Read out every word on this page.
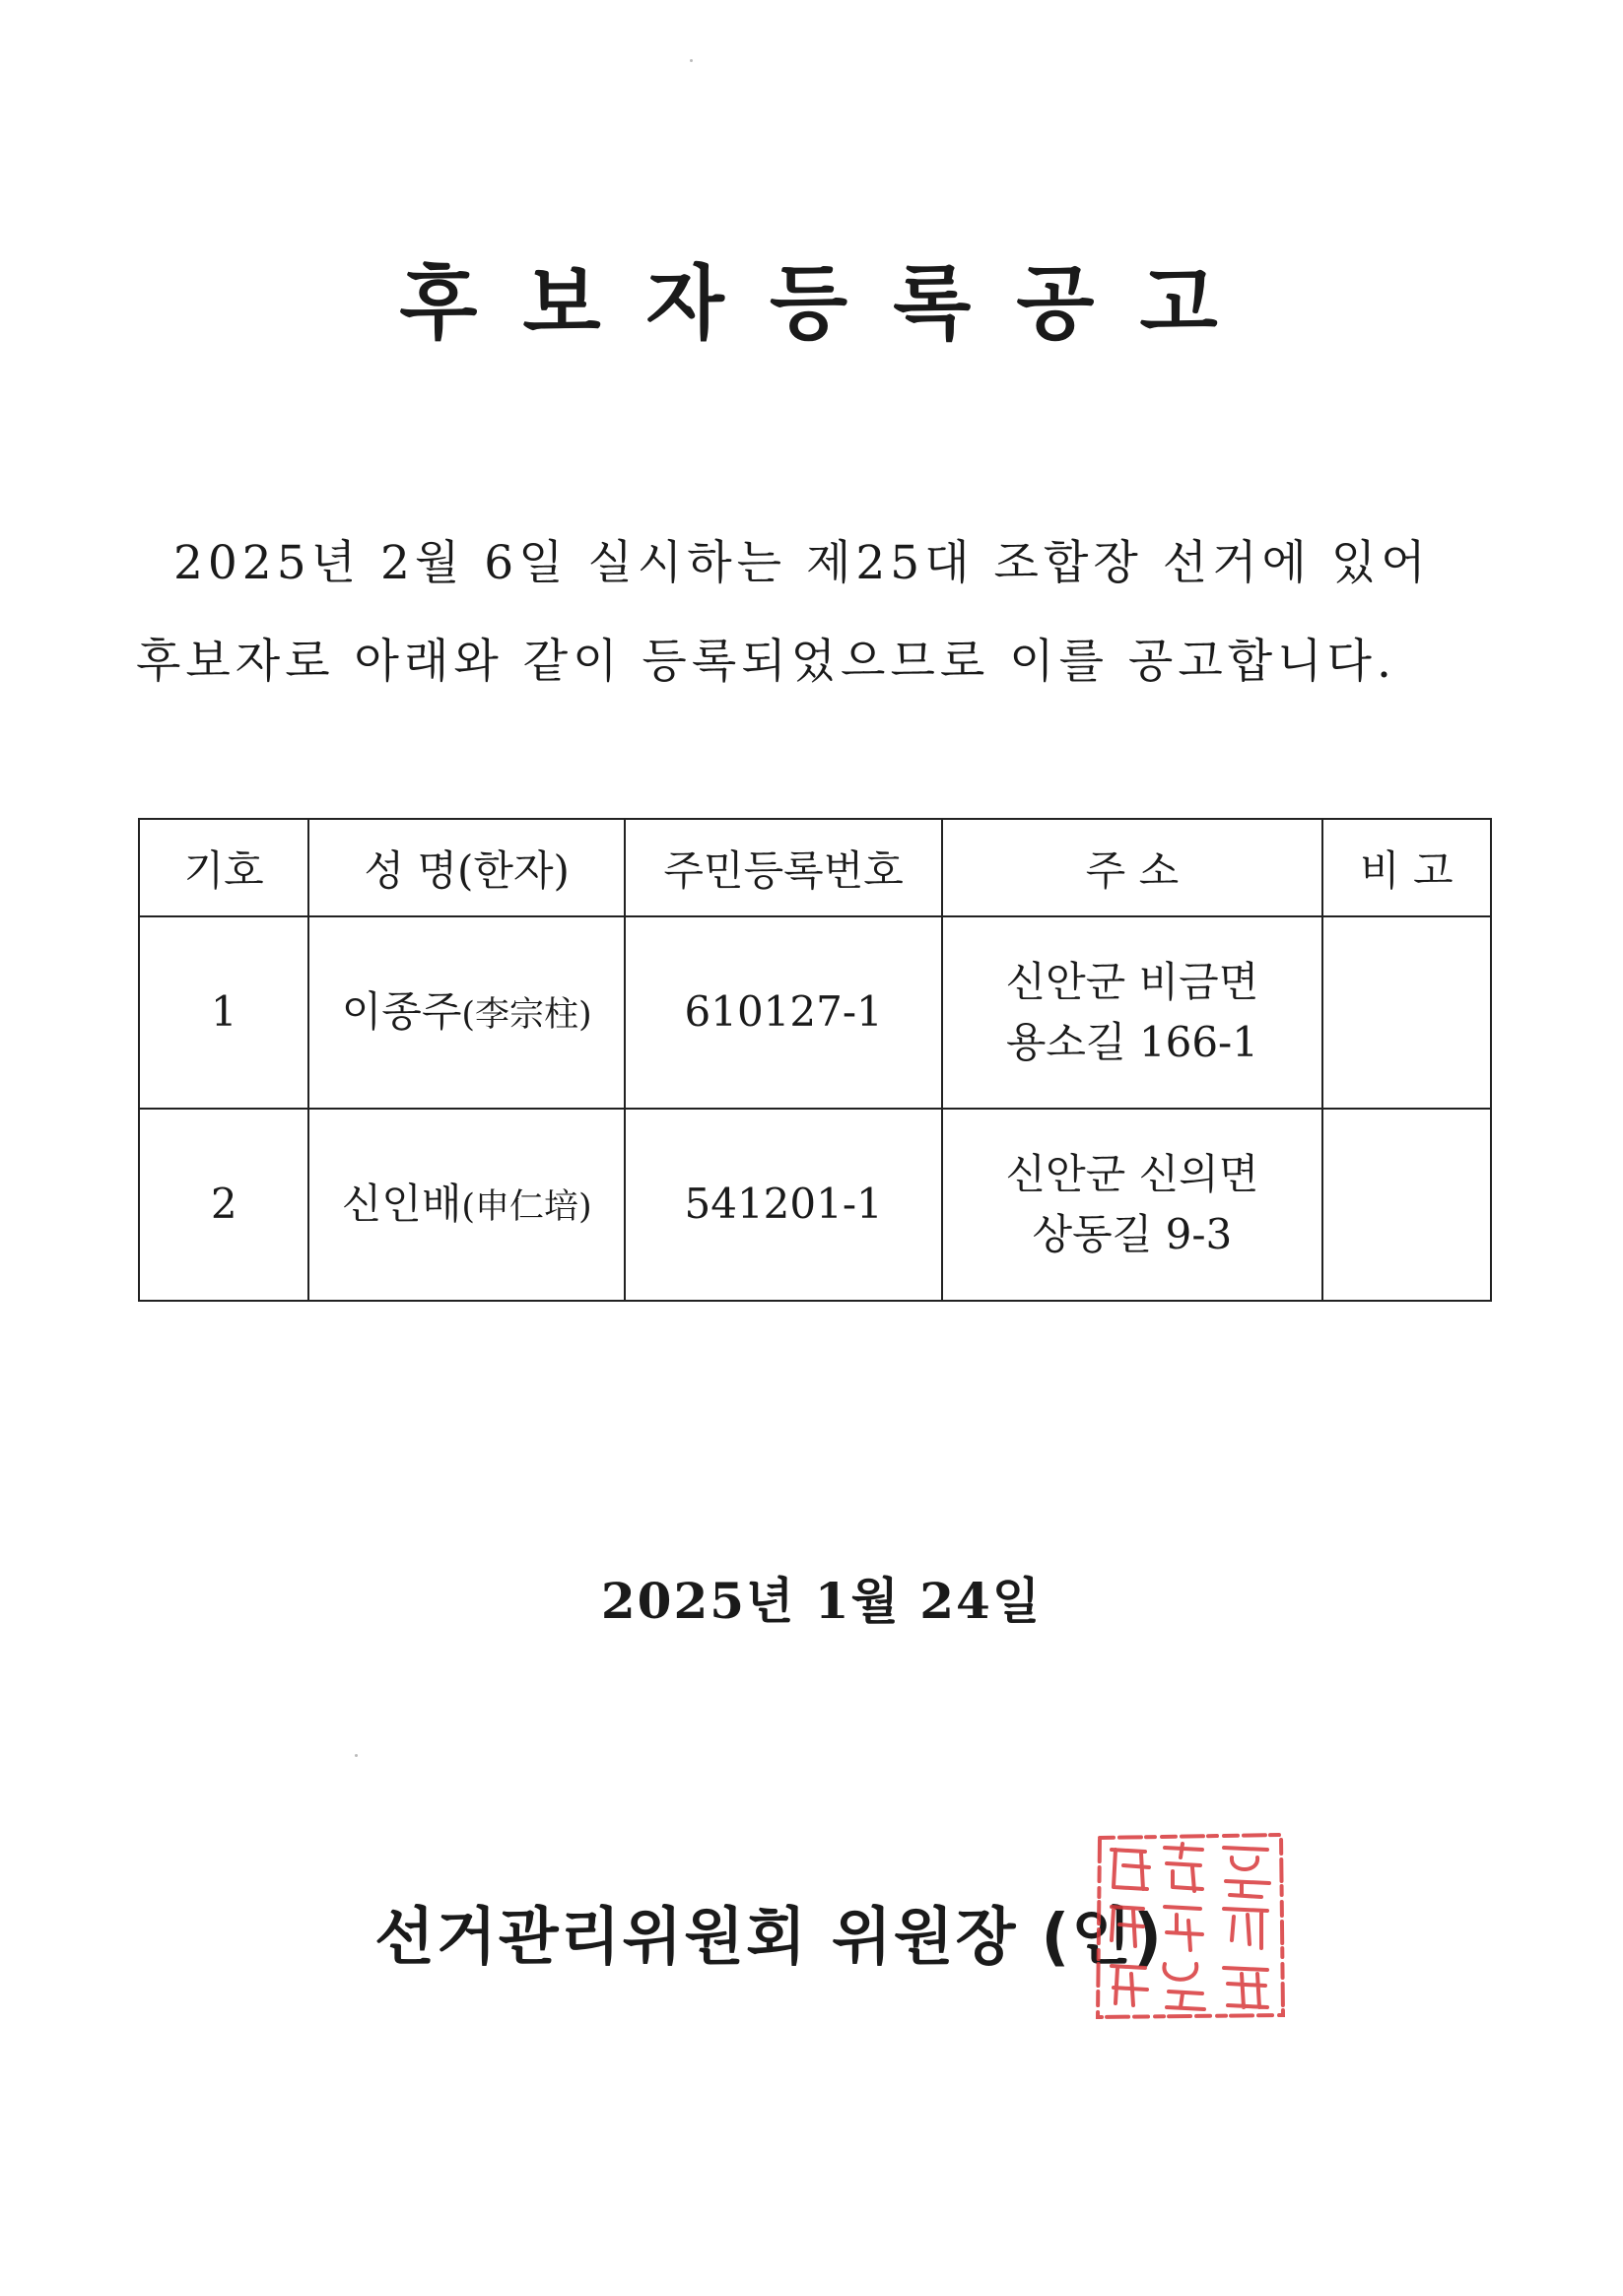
후보자등록공고
2025년 2월 6일 실시하는 제25대 조합장 선거에 있어
후보자로 아래와 같이 등록되었으므로 이를 공고합니다.
기호	성 명(한자)	주민등록번호	주 소	비 고
1	이종주(李宗柱)	610127-1	신안군 비금면
용소길 166-1	

2	신인배(申仁培)	541201-1	신안군 신의면
상동길 9-3	

2025년 1월 24일
선거관리위원회 위원장 (인)
